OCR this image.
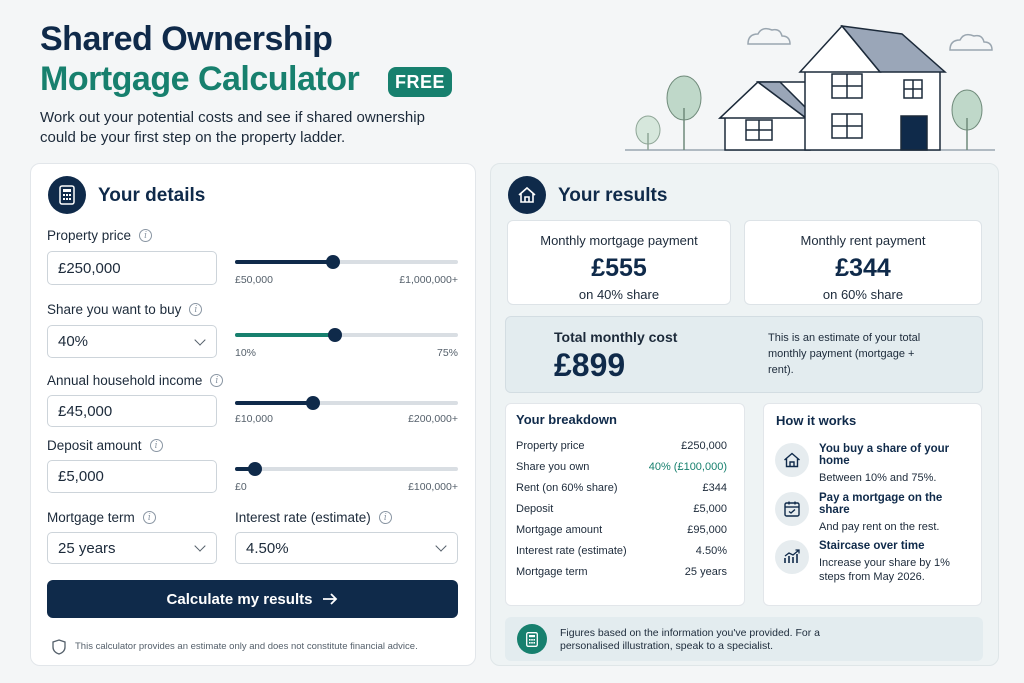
Shared Ownership
Mortgage Calculator	FREE
Work out your potential costs and see if shared ownership could be your first step on the property ladder.
Your details
Property price	i
£250,000
£50,000	£1,000,000+
Share you want to buy	i
40%
10%	75%
Annual household income	i
£45,000	£10,000	£200,000+
Deposit amount	i
£5,000
£0	£100,000+
Mortgage term	i
25 years
Interest rate (estimate)	i
4.50%
Calculate my results
This calculator provides an estimate only and does not constitute financial advice.
Your results
Monthly mortgage payment
£555
on 40% share
Monthly rent payment
£344
on 60% share
Total monthly cost
£899
This is an estimate of your total monthly payment (mortgage + rent).
Your breakdown
Property price	£250,000
Share you own	40% (£100,000)
Rent (on 60% share)	£344
Deposit	£5,000
Mortgage amount	£95,000
Interest rate (estimate)	4.50%
Mortgage term	25 years
How it works
You buy a share of your home
Between 10% and 75%.
Pay a mortgage on the share
And pay rent on the rest.
Staircase over time
Increase your share by 1% steps from May 2026.
Figures based on the information you've provided. For a personalised illustration, speak to a specialist.
